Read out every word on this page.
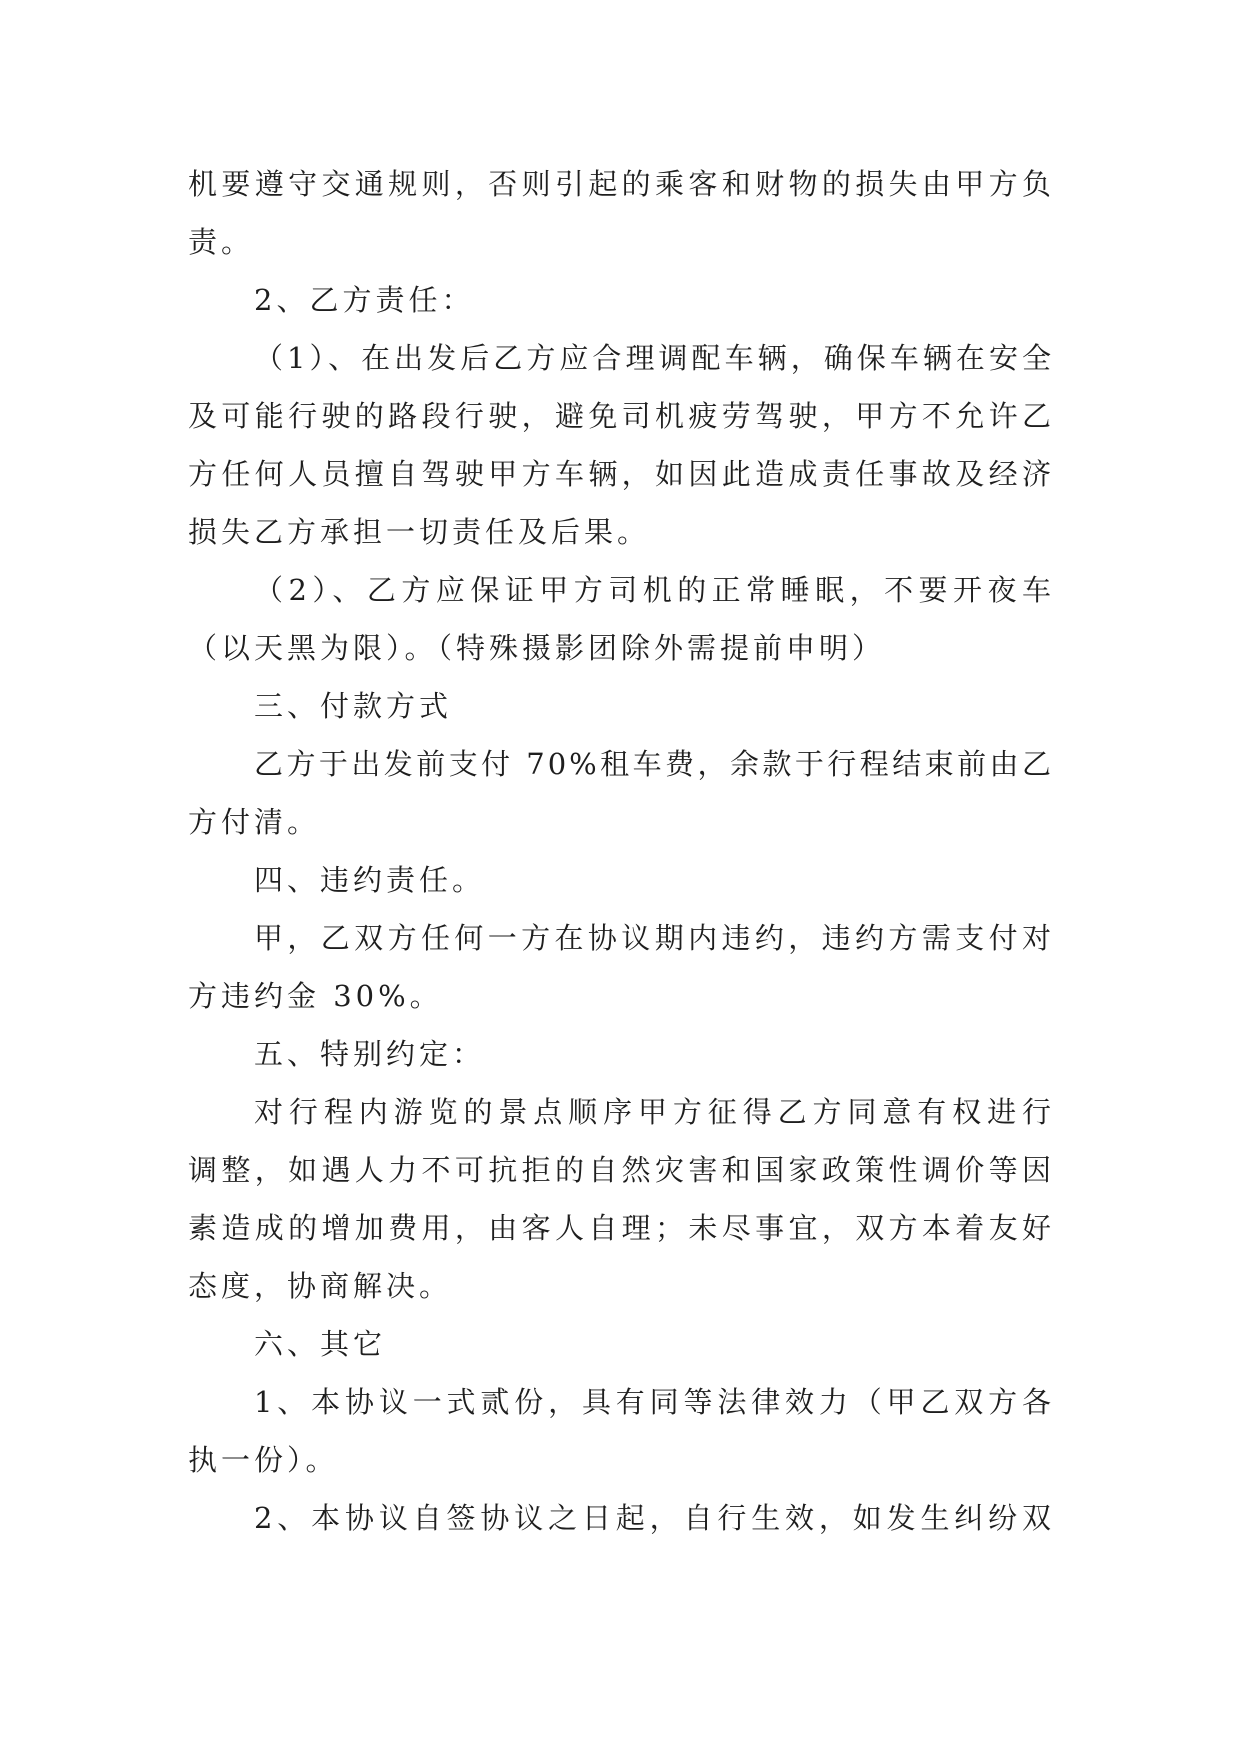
机要遵守交通规则，否则引起的乘客和财物的损失由甲方负
责。
2、乙方责任：
（1）、在出发后乙方应合理调配车辆，确保车辆在安全
及可能行驶的路段行驶，避免司机疲劳驾驶，甲方不允许乙
方任何人员擅自驾驶甲方车辆，如因此造成责任事故及经济
损失乙方承担一切责任及后果。
（2）、乙方应保证甲方司机的正常睡眠，不要开夜车
（以天黑为限）。（特殊摄影团除外需提前申明）
三、付款方式
乙方于出发前支付 70%租车费，余款于行程结束前由乙
方付清。
四、违约责任。
甲，乙双方任何一方在协议期内违约，违约方需支付对
方违约金 30%。
五、特别约定：
对行程内游览的景点顺序甲方征得乙方同意有权进行
调整，如遇人力不可抗拒的自然灾害和国家政策性调价等因
素造成的增加费用，由客人自理；未尽事宜，双方本着友好
态度，协商解决。
六、其它
1、本协议一式贰份，具有同等法律效力（甲乙双方各
执一份）。
2、本协议自签协议之日起，自行生效，如发生纠纷双
